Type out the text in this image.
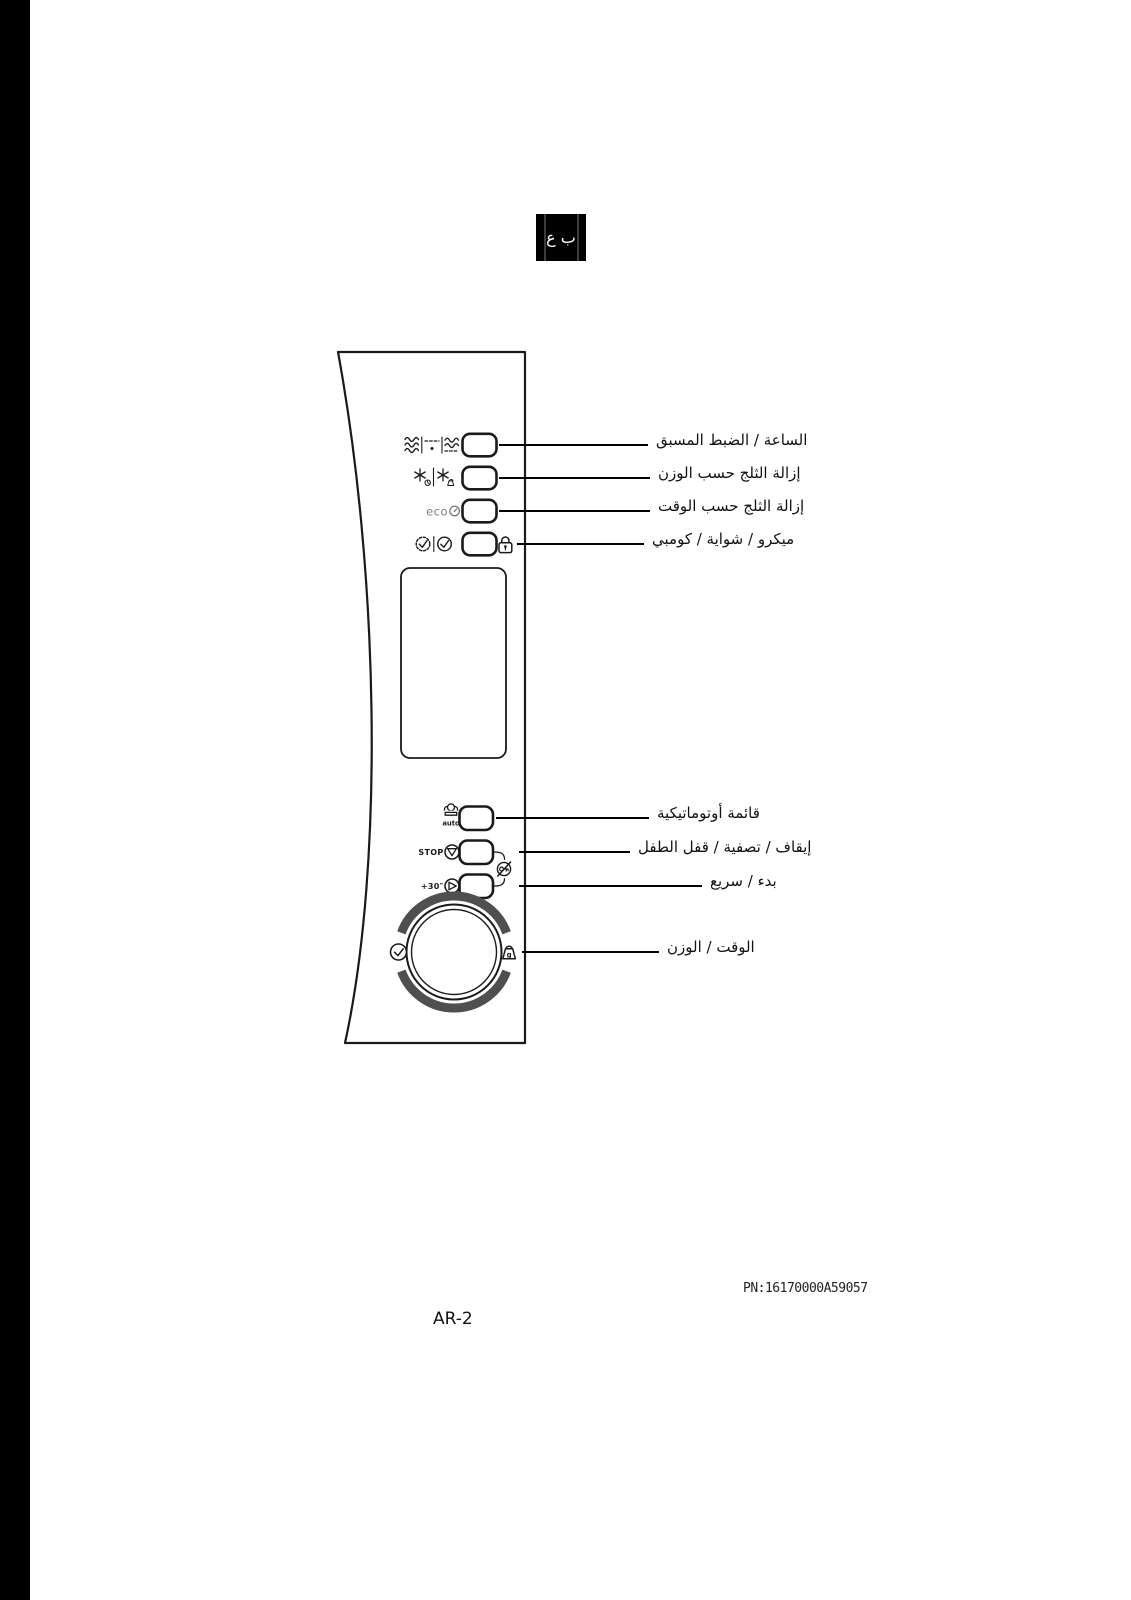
ب ع
eco
auto
STOP
+30″
g
الساعة / الضبط المسبق
إزالة الثلج حسب الوزن
إزالة الثلج حسب الوقت
ميكرو / شواية / كومبي
قائمة أوتوماتيكية
إيقاف / تصفية / قفل الطفل
بدء / سريع
الوقت / الوزن
PN:16170000A59057
AR-2
